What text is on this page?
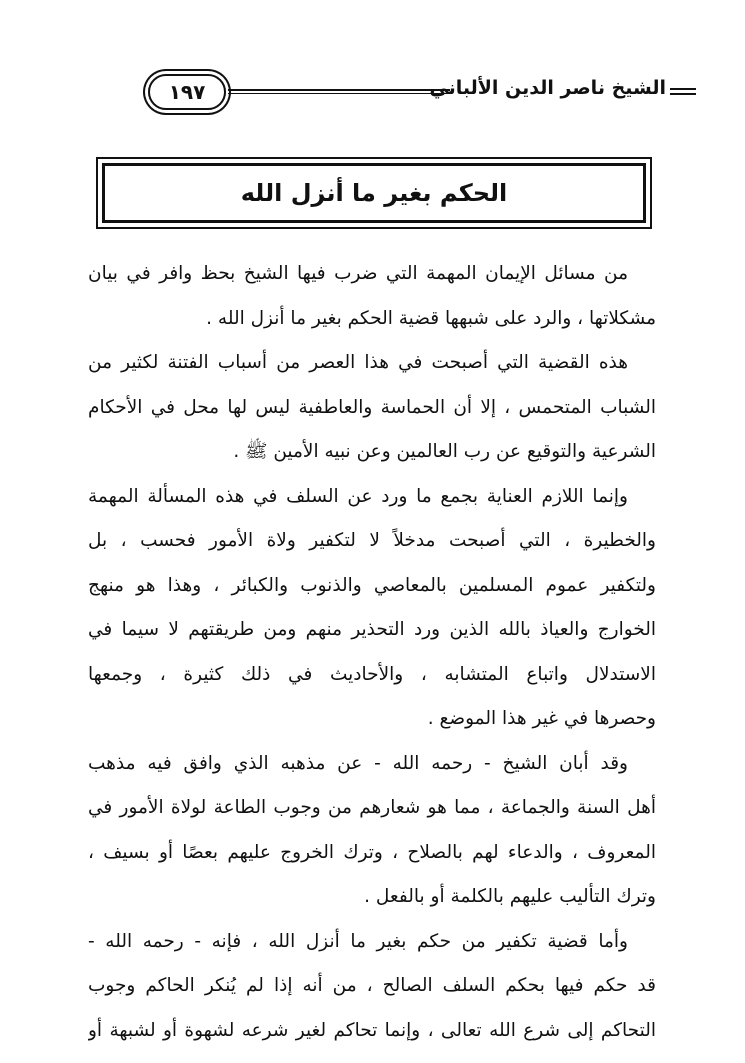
١٩٧	الشيخ ناصر الدين الألباني
الحكم بغير ما أنزل الله
من مسائل الإيمان المهمة التي ضرب فيها الشيخ بحظ وافر في بيان
مشكلاتها ، والرد على شبهها قضية الحكم بغير ما أنزل الله .
هذه القضية التي أصبحت في هذا العصر من أسباب الفتنة لكثير من
الشباب المتحمس ، إلا أن الحماسة والعاطفية ليس لها محل في الأحكام
الشرعية والتوقيع عن رب العالمين وعن نبيه الأمين ﷺ .
وإنما اللازم العناية بجمع ما ورد عن السلف في هذه المسألة المهمة
والخطيرة ، التي أصبحت مدخلاً لا لتكفير ولاة الأمور فحسب ، بل
ولتكفير عموم المسلمين بالمعاصي والذنوب والكبائر ، وهذا هو منهج
الخوارج والعياذ بالله الذين ورد التحذير منهم ومن طريقتهم لا سيما في
الاستدلال واتباع المتشابه ، والأحاديث في ذلك كثيرة ، وجمعها
وحصرها في غير هذا الموضع .
وقد أبان الشيخ - رحمه الله - عن مذهبه الذي وافق فيه مذهب
أهل السنة والجماعة ، مما هو شعارهم من وجوب الطاعة لولاة الأمور في
المعروف ، والدعاء لهم بالصلاح ، وترك الخروج عليهم بعصًا أو بسيف ،
وترك التأليب عليهم بالكلمة أو بالفعل .
وأما قضية تكفير من حكم بغير ما أنزل الله ، فإنه - رحمه الله -
قد حكم فيها بحكم السلف الصالح ، من أنه إذا لم يُنكر الحاكم وجوب
التحاكم إلى شرع الله تعالى ، وإنما تحاكم لغير شرعه لشهوة أو لشبهة أو
